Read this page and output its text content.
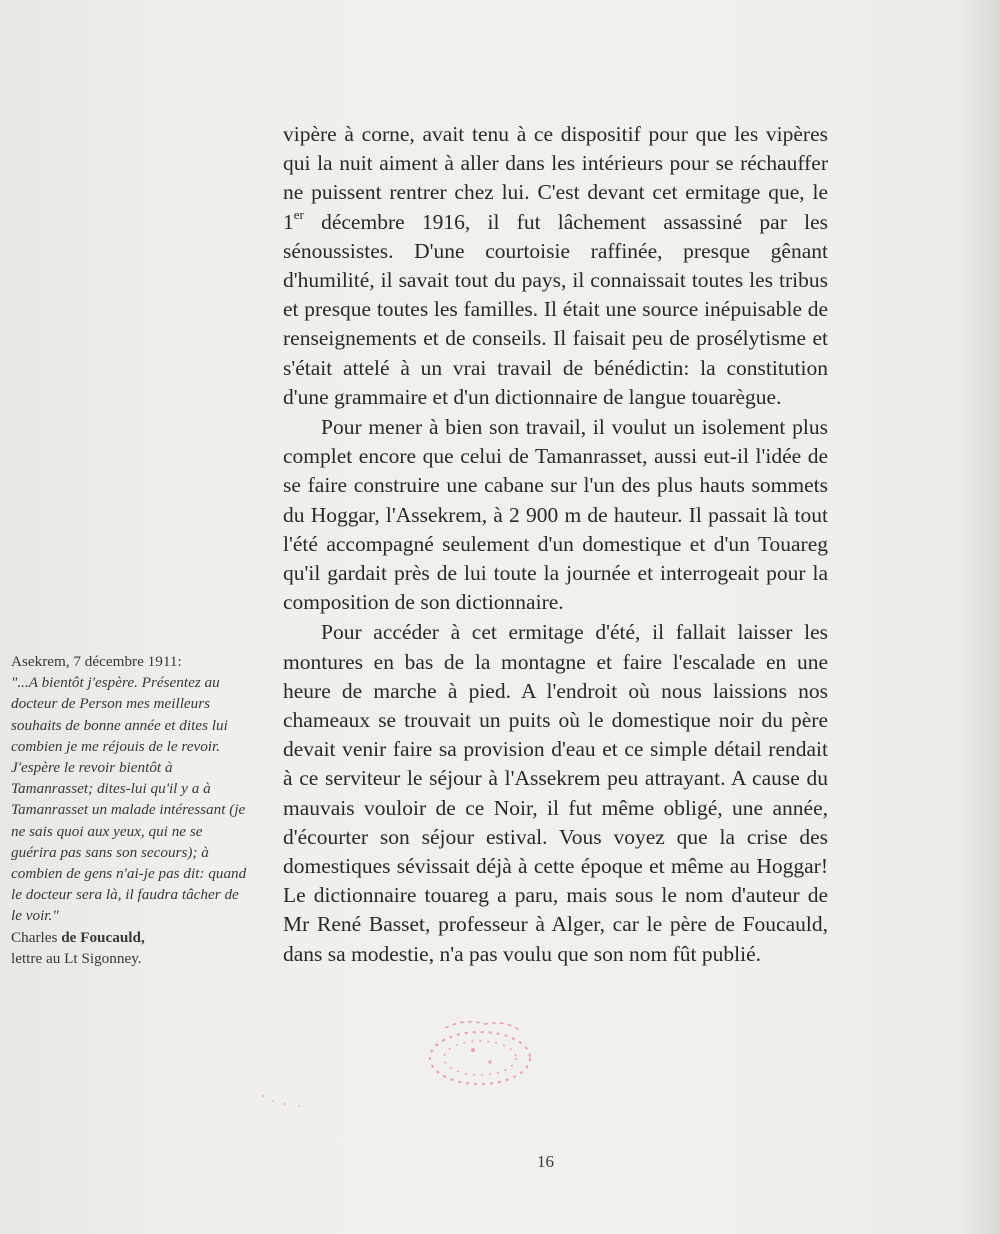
vipère à corne, avait tenu à ce dispositif pour que les vipères qui la nuit aiment à aller dans les intérieurs pour se réchauffer ne puissent rentrer chez lui. C'est devant cet ermitage que, le 1er décembre 1916, il fut lâchement assassiné par les sénoussistes. D'une courtoisie raffinée, presque gênant d'humilité, il savait tout du pays, il connaissait toutes les tribus et presque toutes les familles. Il était une source inépuisable de renseignements et de conseils. Il faisait peu de prosélytisme et s'était attelé à un vrai travail de bénédictin: la constitution d'une grammaire et d'un dictionnaire de langue touarègue.

Pour mener à bien son travail, il voulut un isolement plus complet encore que celui de Tamanrasset, aussi eut-il l'idée de se faire construire une cabane sur l'un des plus hauts sommets du Hoggar, l'Assekrem, à 2 900 m de hauteur. Il passait là tout l'été accompagné seulement d'un domestique et d'un Touareg qu'il gardait près de lui toute la journée et interrogeait pour la composition de son dictionnaire.

Pour accéder à cet ermitage d'été, il fallait laisser les montures en bas de la montagne et faire l'escalade en une heure de marche à pied. A l'endroit où nous laissions nos chameaux se trouvait un puits où le domestique noir du père devait venir faire sa provision d'eau et ce simple détail rendait à ce serviteur le séjour à l'Assekrem peu attrayant. A cause du mauvais vouloir de ce Noir, il fut même obligé, une année, d'écourter son séjour estival. Vous voyez que la crise des domestiques sévissait déjà à cette époque et même au Hoggar! Le dictionnaire touareg a paru, mais sous le nom d'auteur de Mr René Basset, professeur à Alger, car le père de Foucauld, dans sa modestie, n'a pas voulu que son nom fût publié.

Asekrem, 7 décembre 1911:
"...A bientôt j'espère. Présentez au docteur de Person mes meilleurs souhaits de bonne année et dites lui combien je me réjouis de le revoir. J'espère le revoir bientôt à Tamanrasset; dites-lui qu'il y a à Tamanrasset un malade intéressant (je ne sais quoi aux yeux, qui ne se guérira pas sans son secours); à combien de gens n'ai-je pas dit: quand le docteur sera là, il faudra tâcher de le voir."
Charles de Foucauld,
lettre au Lt Sigonney.
16
